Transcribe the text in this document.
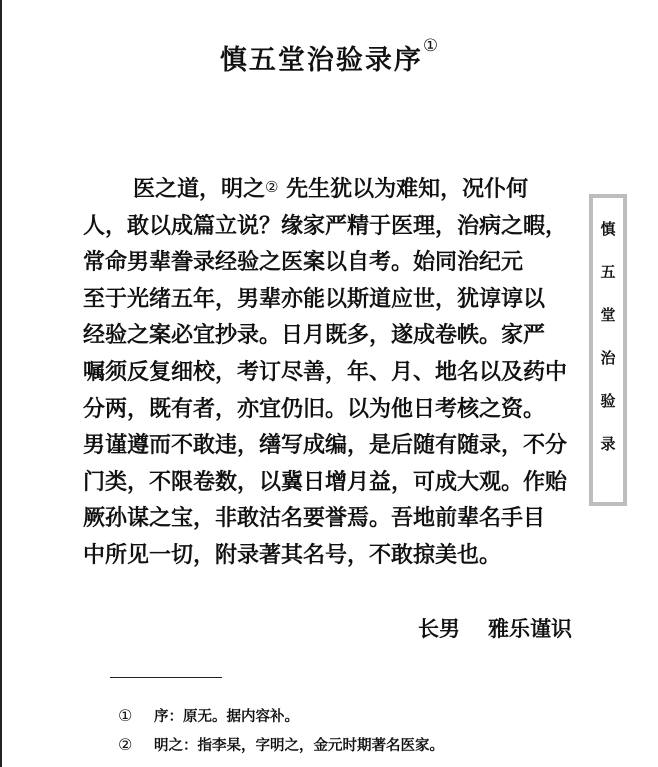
慎五堂治验录序①
医之道，明之② 先生犹以为难知，况仆何
人，敢以成篇立说？缘家严精于医理，治病之暇，
常命男辈誊录经验之医案以自考。始同治纪元
至于光绪五年，男辈亦能以斯道应世，犹谆谆以
经验之案必宜抄录。日月既多，遂成卷帙。家严
嘱须反复细校，考订尽善，年、月、地名以及药中
分两，既有者，亦宜仍旧。以为他日考核之资。
男谨遵而不敢违，缮写成编，是后随有随录，不分
门类，不限卷数，以冀日增月益，可成大观。作贻
厥孙谋之宝，非敢沽名要誉焉。吾地前辈名手目
中所见一切，附录著其名号，不敢掠美也。
慎
五
堂
治
验
录
长男 雅乐谨识
① 序：原无。据内容补。
② 明之：指李杲，字明之，金元时期著名医家。
